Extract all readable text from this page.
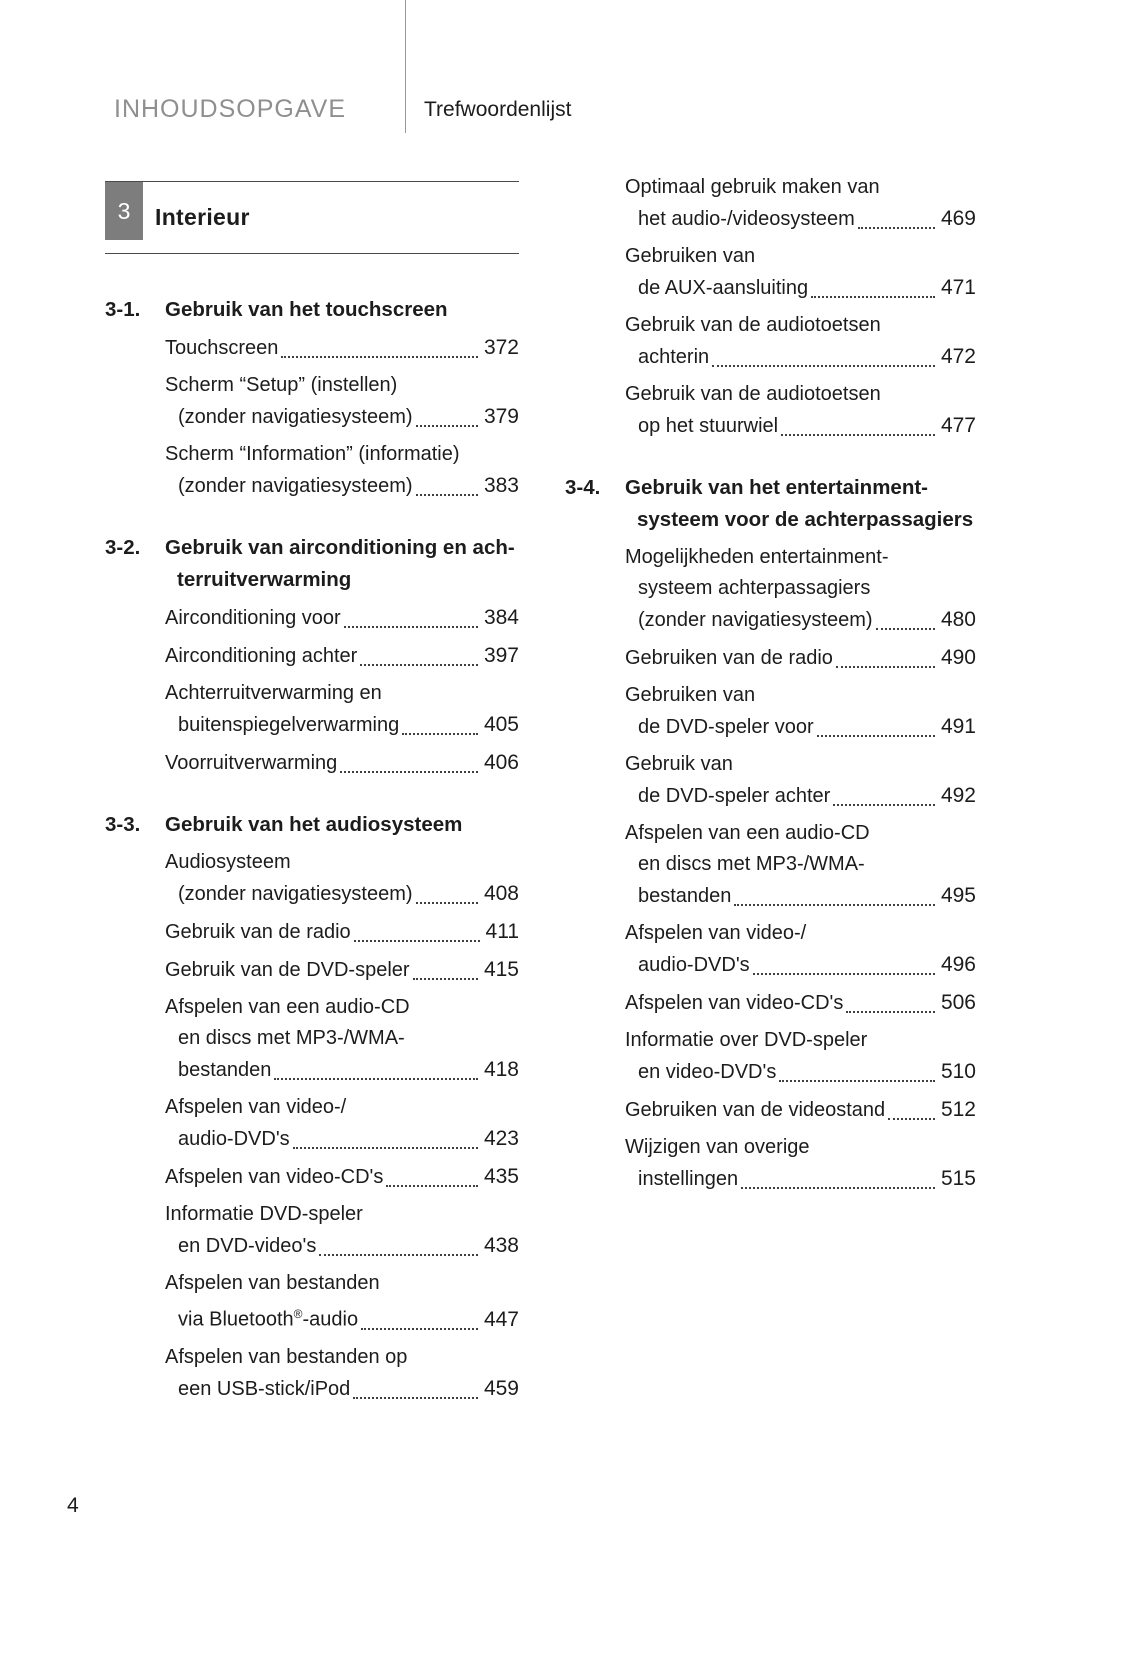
INHOUDSOPGAVE	Trefwoordenlijst
3	Interieur
3-1.	Gebruik van het touchscreen
Touchscreen	372
Scherm “Setup” (instellen)
(zonder navigatiesysteem)	379
Scherm “Information” (informatie)
(zonder navigatiesysteem)	383
3-2.	Gebruik van airconditioning en ach-
terruitverwarming
Airconditioning voor	384
Airconditioning achter	397
Achterruitverwarming en
buitenspiegelverwarming	405
Voorruitverwarming	406
3-3.	Gebruik van het audiosysteem
Audiosysteem
(zonder navigatiesysteem)	408
Gebruik van de radio	411
Gebruik van de DVD-speler	415
Afspelen van een audio-CD
en discs met MP3-/WMA-
bestanden	418
Afspelen van video-/
audio-DVD's	423
Afspelen van video-CD's	435
Informatie DVD-speler
en DVD-video's	438
Afspelen van bestanden
via Bluetooth®-audio	447
Afspelen van bestanden op
een USB-stick/iPod	459
Optimaal gebruik maken van
het audio-/videosysteem	469
Gebruiken van
de AUX-aansluiting	471
Gebruik van de audiotoetsen
achterin	472
Gebruik van de audiotoetsen
op het stuurwiel	477
3-4.	Gebruik van het entertainment-
systeem voor de achterpassagiers
Mogelijkheden entertainment-
systeem achterpassagiers
(zonder navigatiesysteem)	480
Gebruiken van de radio	490
Gebruiken van
de DVD-speler voor	491
Gebruik van
de DVD-speler achter	492
Afspelen van een audio-CD
en discs met MP3-/WMA-
bestanden	495
Afspelen van video-/
audio-DVD's	496
Afspelen van video-CD's	506
Informatie over DVD-speler
en video-DVD's	510
Gebruiken van de videostand	512
Wijzigen van overige
instellingen	515
4
